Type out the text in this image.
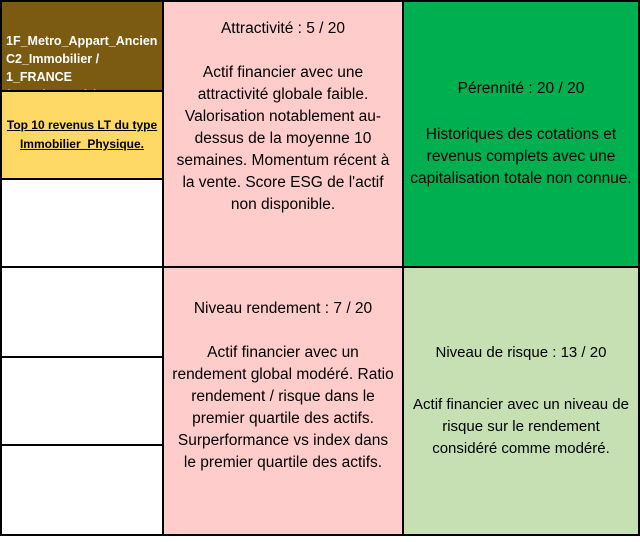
1F_Metro_Appart_Ancien
C2_Immobilier / 1_FRANCE

Top 10 revenus LT du type
Immobilier_Physique.
Attractivité : 5 / 20
Actif financier avec une attractivité globale faible. Valorisation notablement au-dessus de la moyenne 10 semaines. Momentum récent à la vente. Score ESG de l'actif non disponible.
Pérennité : 20 / 20
Historiques des cotations et revenus complets avec une capitalisation totale non connue.
Niveau rendement : 7 / 20
Actif financier avec un rendement global modéré. Ratio rendement / risque dans le premier quartile des actifs. Surperformance vs index dans le premier quartile des actifs.
Niveau de risque : 13 / 20
Actif financier avec un niveau de risque sur le rendement considéré comme modéré.
